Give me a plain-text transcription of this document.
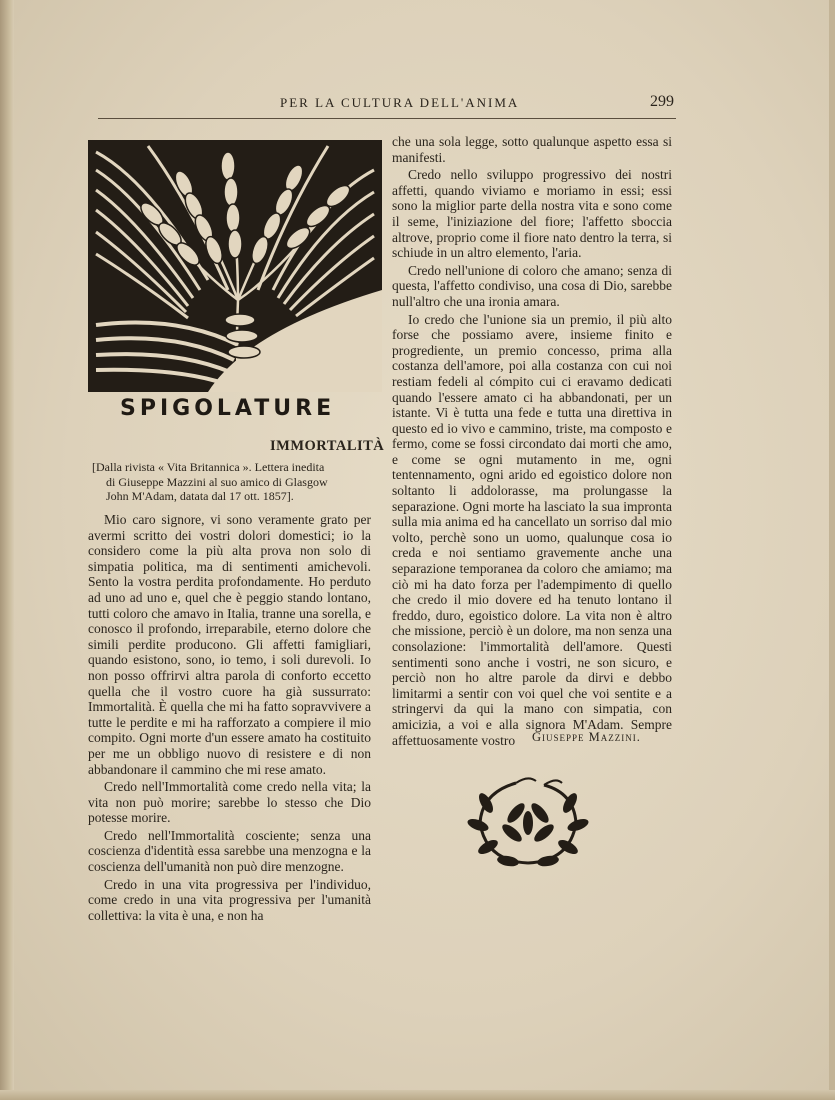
PER LA CULTURA DELL'ANIMA	299
SPIGOLATURE
IMMORTALITÀ
[Dalla rivista « Vita Britannica ». Lettera inedita
di Giuseppe Mazzini al suo amico di Glasgow
John M'Adam, datata dal 17 ott. 1857].

Mio caro signore, vi sono veramente grato per avermi scritto dei vostri dolori domestici; io la considero come la più alta prova non solo di simpatia politica, ma di sentimenti amichevoli. Sento la vostra perdita profondamente. Ho perduto ad uno ad uno e, quel che è peggio stando lontano, tutti coloro che amavo in Italia, tranne una sorella, e conosco il profondo, irreparabile, eterno dolore che simili perdite producono. Gli affetti famigliari, quando esistono, sono, io temo, i soli durevoli. Io non posso offrirvi altra parola di conforto eccetto quella che il vostro cuore ha già sussurrato: Immortalità. È quella che mi ha fatto sopravvivere a tutte le perdite e mi ha rafforzato a compiere il mio compito. Ogni morte d'un essere amato ha costituito per me un obbligo nuovo di resistere e di non abbandonare il cammino che mi rese amato.

Credo nell'Immortalità come credo nella vita; la vita non può morire; sarebbe lo stesso che Dio potesse morire.

Credo nell'Immortalità cosciente; senza una coscienza d'identità essa sarebbe una menzogna e la coscienza dell'umanità non può dire menzogne.

Credo in una vita progressiva per l'individuo, come credo in una vita progressiva per l'umanità collettiva: la vita è una, e non ha

che una sola legge, sotto qualunque aspetto essa si manifesti.

Credo nello sviluppo progressivo dei nostri affetti, quando viviamo e moriamo in essi; essi sono la miglior parte della nostra vita e sono come il seme, l'iniziazione del fiore; l'affetto sboccia altrove, proprio come il fiore nato dentro la terra, si schiude in un altro elemento, l'aria.

Credo nell'unione di coloro che amano; senza di questa, l'affetto condiviso, una cosa di Dio, sarebbe null'altro che una ironia amara.

Io credo che l'unione sia un premio, il più alto forse che possiamo avere, insieme finito e progrediente, un premio concesso, prima alla costanza dell'amore, poi alla costanza con cui noi restiam fedeli al cómpito cui ci eravamo dedicati quando l'essere amato ci ha abbandonati, per un istante. Vi è tutta una fede e tutta una direttiva in questo ed io vivo e cammino, triste, ma composto e fermo, come se fossi circondato dai morti che amo, e come se ogni mutamento in me, ogni tentennamento, ogni arido ed egoistico dolore non soltanto li addolorasse, ma prolungasse la separazione. Ogni morte ha lasciato la sua impronta sulla mia anima ed ha cancellato un sorriso dal mio volto, perchè sono un uomo, qualunque cosa io creda e noi sentiamo gravemente anche una separazione temporanea da coloro che amiamo; ma ciò mi ha dato forza per l'adempimento di quello che credo il mio dovere ed ha tenuto lontano il freddo, duro, egoistico dolore. La vita non è altro che missione, perciò è un dolore, ma non senza una consolazione: l'immortalità dell'amore. Questi sentimenti sono anche i vostri, ne son sicuro, e perciò non ho altre parole da dirvi e debbo limitarmi a sentir con voi quel che voi sentite e a stringervi da qui la mano con simpatia, con amicizia, a voi e alla signora M'Adam. Sempre affettuosamente vostro	Giuseppe Mazzini.
